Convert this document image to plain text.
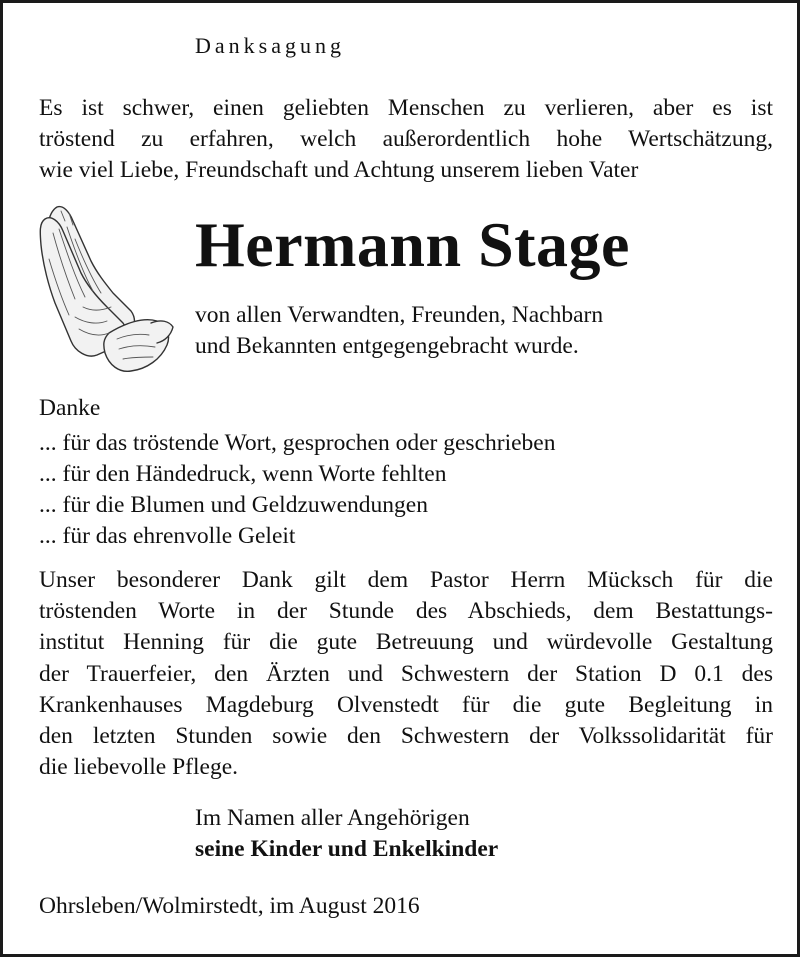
Danksagung
Es ist schwer, einen geliebten Menschen zu verlieren, aber es ist
tröstend zu erfahren, welch außerordentlich hohe Wertschätzung,
wie viel Liebe, Freundschaft und Achtung unserem lieben Vater
Hermann Stage
von allen Verwandten, Freunden, Nachbarn
und Bekannten entgegengebracht wurde.
Danke
... für das tröstende Wort, gesprochen oder geschrieben
... für den Händedruck, wenn Worte fehlten
... für die Blumen und Geldzuwendungen
... für das ehrenvolle Geleit
Unser besonderer Dank gilt dem Pastor Herrn Mücksch für die
tröstenden Worte in der Stunde des Abschieds, dem Bestattungs-
institut Henning für die gute Betreuung und würdevolle Gestaltung
der Trauerfeier, den Ärzten und Schwestern der Station D 0.1 des
Krankenhauses Magdeburg Olvenstedt für die gute Begleitung in
den letzten Stunden sowie den Schwestern der Volkssolidarität für
die liebevolle Pflege.
Im Namen aller Angehörigen
seine Kinder und Enkelkinder
Ohrsleben/Wolmirstedt, im August 2016
